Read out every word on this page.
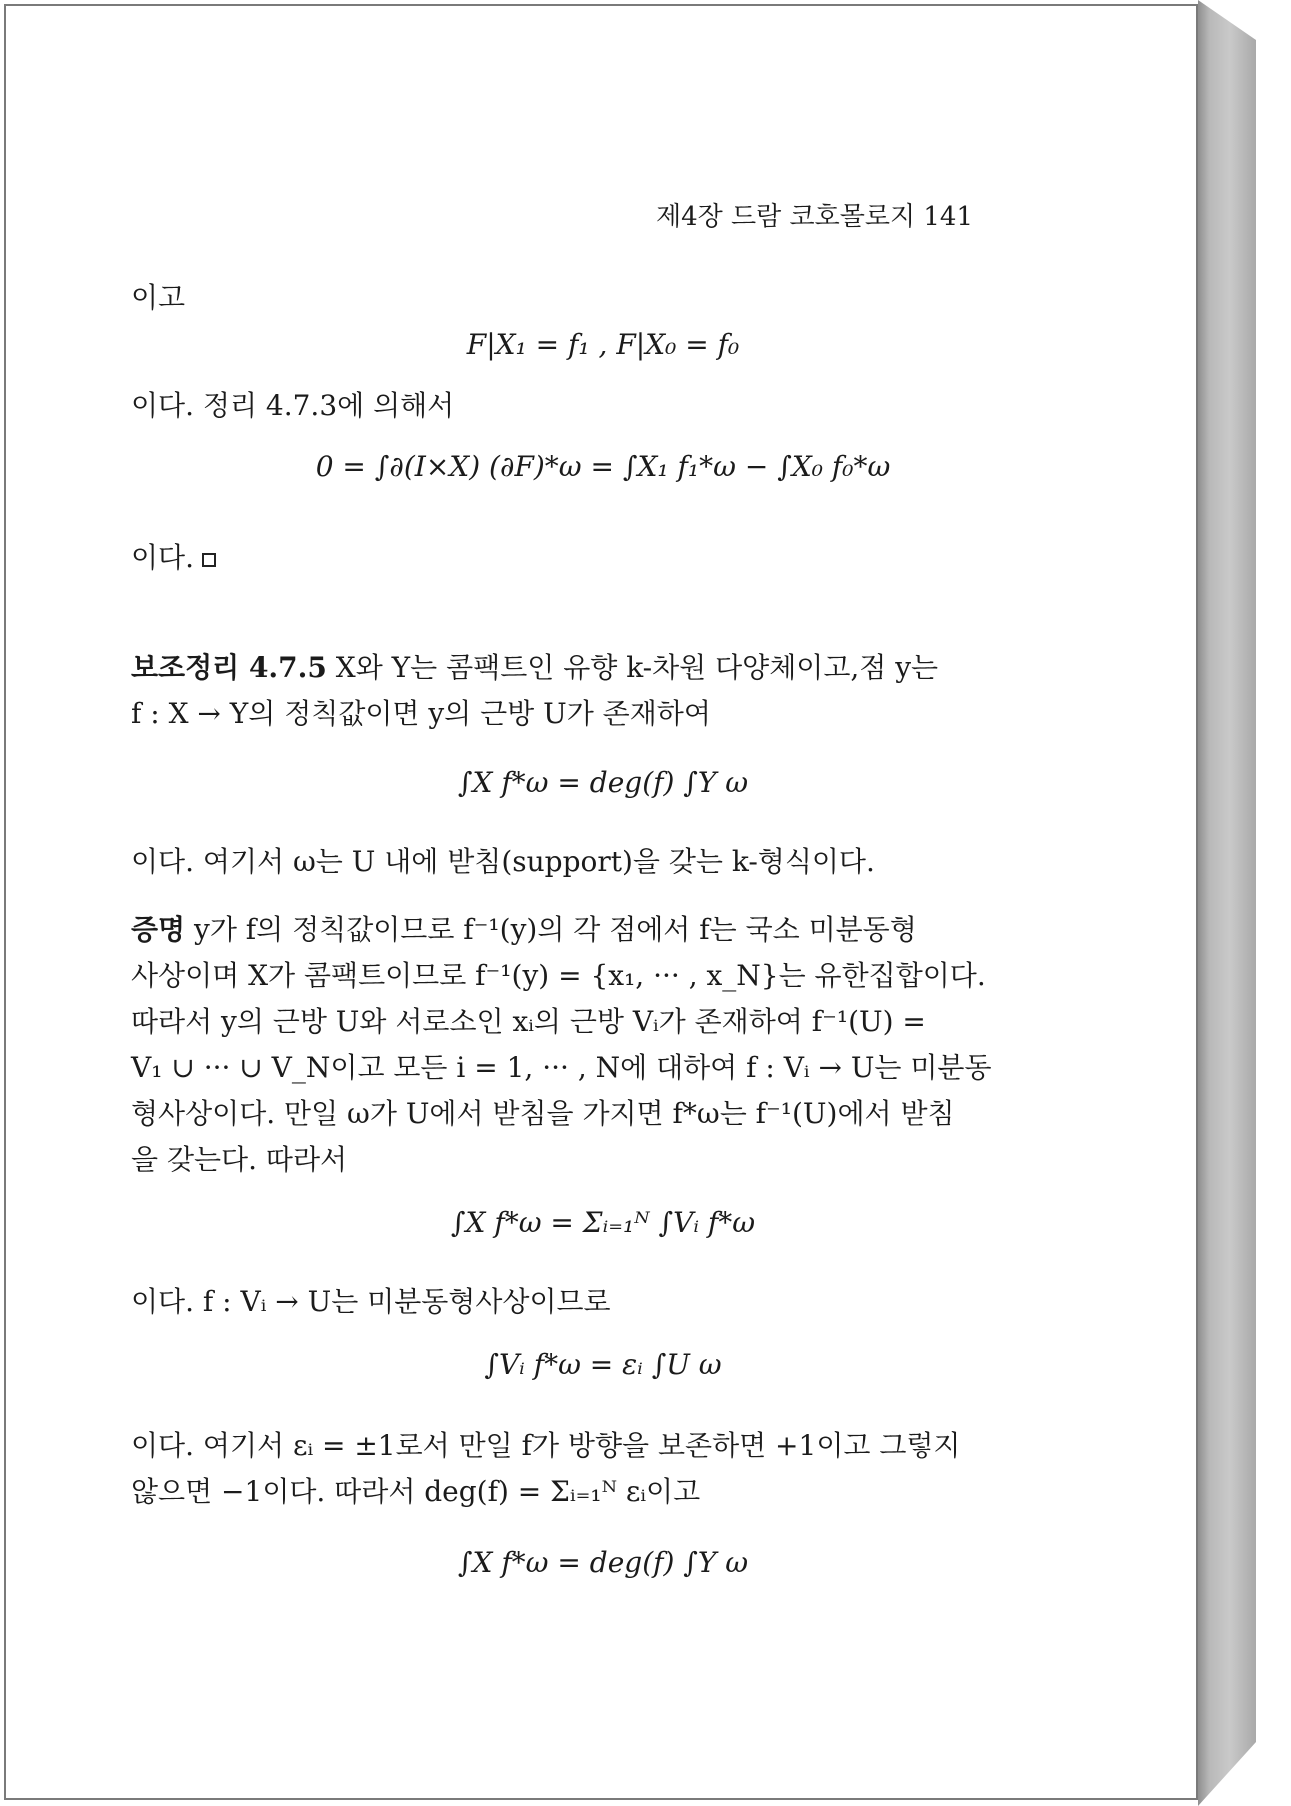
제4장 드람 코호몰로지 141
이고
F|X₁ = f₁ , F|X₀ = f₀
이다. 정리 4.7.3에 의해서
0 = ∫∂(I×X) (∂F)*ω = ∫X₁ f₁*ω − ∫X₀ f₀*ω
이다.
보조정리 4.7.5 X와 Y는 콤팩트인 유향 k-차원 다양체이고,점 y는
f : X → Y의 정칙값이면 y의 근방 U가 존재하여
∫X f*ω = deg(f) ∫Y ω
이다. 여기서 ω는 U 내에 받침(support)을 갖는 k-형식이다.
증명 y가 f의 정칙값이므로 f⁻¹(y)의 각 점에서 f는 국소 미분동형
사상이며 X가 콤팩트이므로 f⁻¹(y) = {x₁, ··· , x_N}는 유한집합이다.
따라서 y의 근방 U와 서로소인 xᵢ의 근방 Vᵢ가 존재하여 f⁻¹(U) =
V₁ ∪ ··· ∪ V_N이고 모든 i = 1, ··· , N에 대하여 f : Vᵢ → U는 미분동
형사상이다. 만일 ω가 U에서 받침을 가지면 f*ω는 f⁻¹(U)에서 받침
을 갖는다. 따라서
∫X f*ω = Σᵢ₌₁ᴺ ∫Vᵢ f*ω
이다. f : Vᵢ → U는 미분동형사상이므로
∫Vᵢ f*ω = εᵢ ∫U ω
이다. 여기서 εᵢ = ±1로서 만일 f가 방향을 보존하면 +1이고 그렇지
않으면 −1이다. 따라서 deg(f) = Σᵢ₌₁ᴺ εᵢ이고
∫X f*ω = deg(f) ∫Y ω
